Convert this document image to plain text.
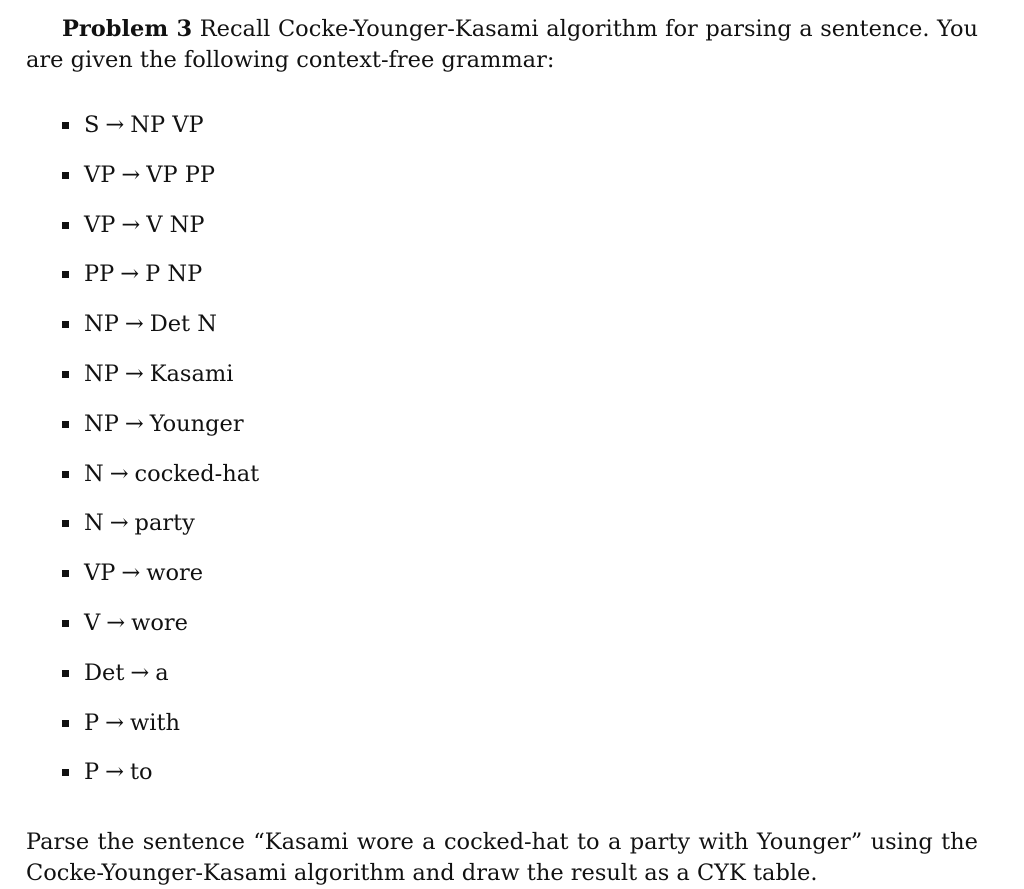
Problem 3 Recall Cocke-Younger-Kasami algorithm for parsing a sentence. You are given the following context-free grammar:

S → NP VP
VP → VP PP
VP → V NP
PP → P NP
NP → Det N
NP → Kasami
NP → Younger
N → cocked-hat
N → party
VP → wore
V → wore
Det → a
P → with
P → to

Parse the sentence “Kasami wore a cocked-hat to a party with Younger” using the Cocke-Younger-Kasami algorithm and draw the result as a CYK table.
